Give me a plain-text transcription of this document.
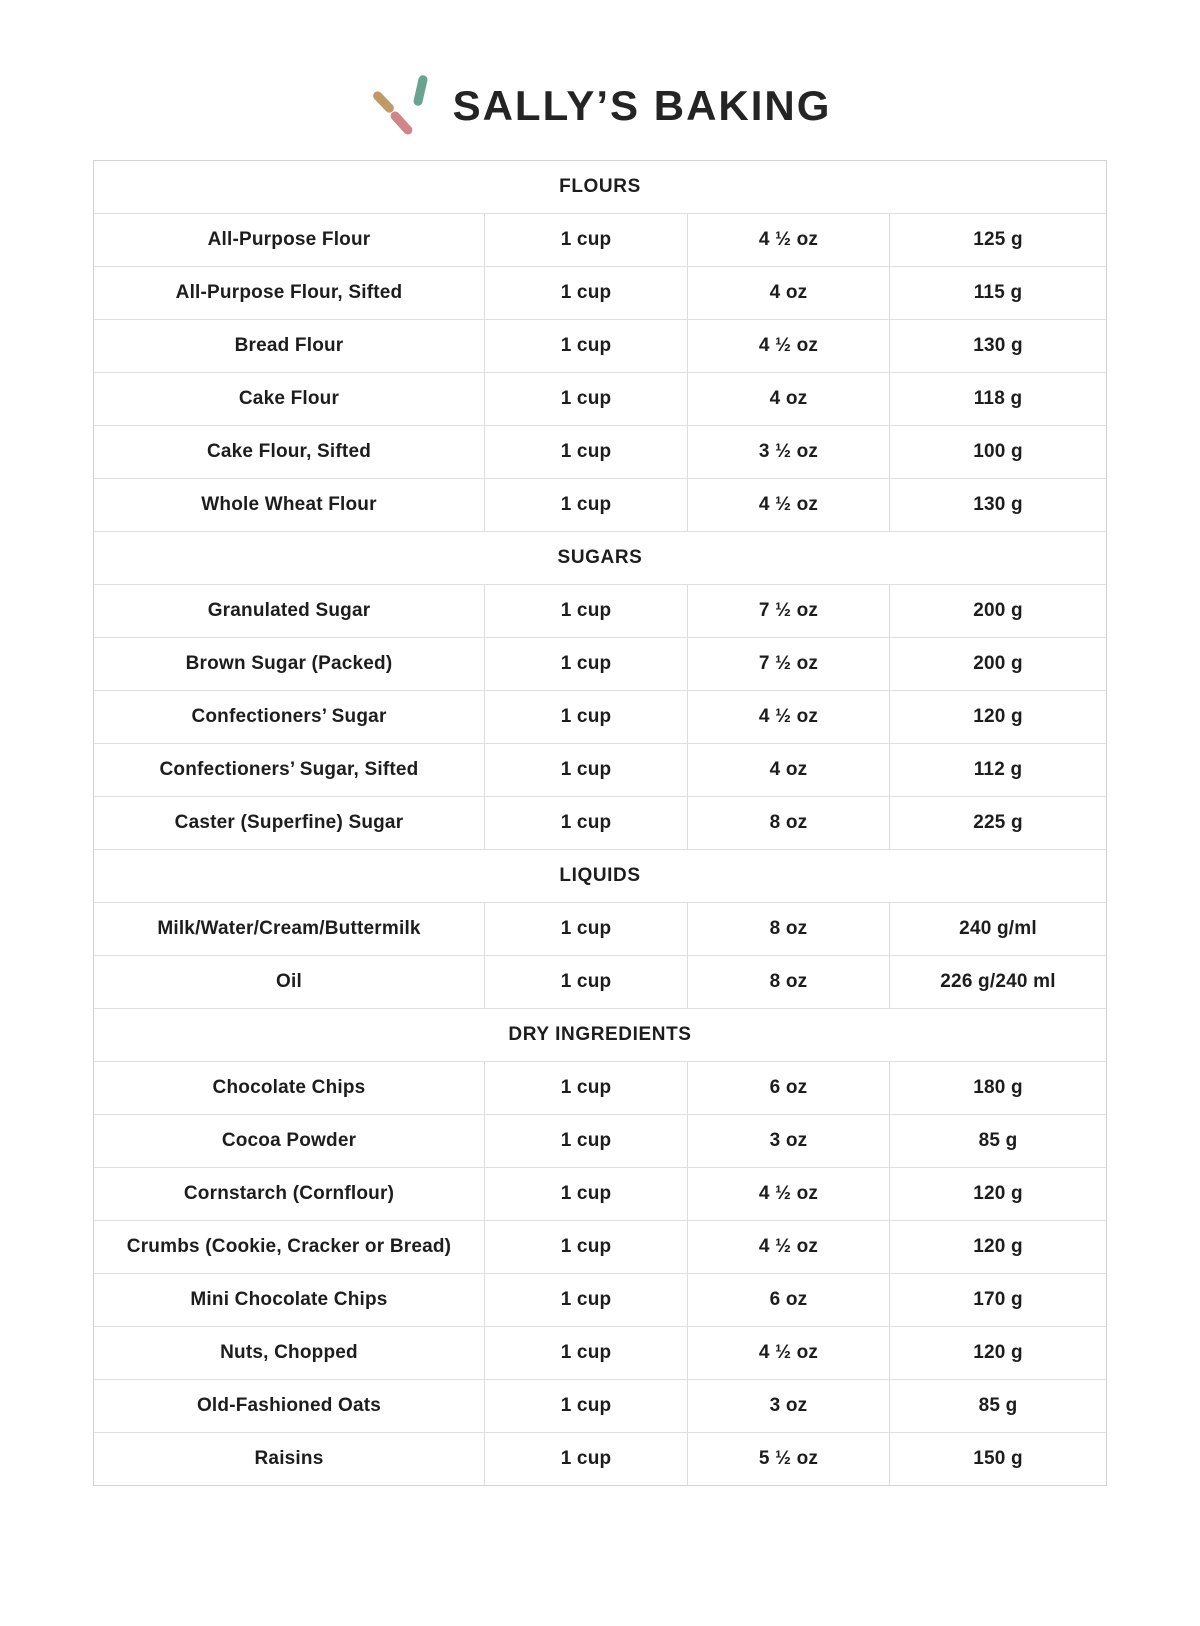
SALLY’S BAKING
FLOURS
All-Purpose Flour	1 cup	4 ½ oz	125 g
All-Purpose Flour, Sifted	1 cup	4 oz	115 g
Bread Flour	1 cup	4 ½ oz	130 g
Cake Flour	1 cup	4 oz	118 g
Cake Flour, Sifted	1 cup	3 ½ oz	100 g
Whole Wheat Flour	1 cup	4 ½ oz	130 g
SUGARS
Granulated Sugar	1 cup	7 ½ oz	200 g
Brown Sugar (Packed)	1 cup	7 ½ oz	200 g
Confectioners’ Sugar	1 cup	4 ½ oz	120 g
Confectioners’ Sugar, Sifted	1 cup	4 oz	112 g
Caster (Superfine) Sugar	1 cup	8 oz	225 g
LIQUIDS
Milk/Water/Cream/Buttermilk	1 cup	8 oz	240 g/ml
Oil	1 cup	8 oz	226 g/240 ml
DRY INGREDIENTS
Chocolate Chips	1 cup	6 oz	180 g
Cocoa Powder	1 cup	3 oz	85 g
Cornstarch (Cornflour)	1 cup	4 ½ oz	120 g
Crumbs (Cookie, Cracker or Bread)	1 cup	4 ½ oz	120 g
Mini Chocolate Chips	1 cup	6 oz	170 g
Nuts, Chopped	1 cup	4 ½ oz	120 g
Old-Fashioned Oats	1 cup	3 oz	85 g
Raisins	1 cup	5 ½ oz	150 g
